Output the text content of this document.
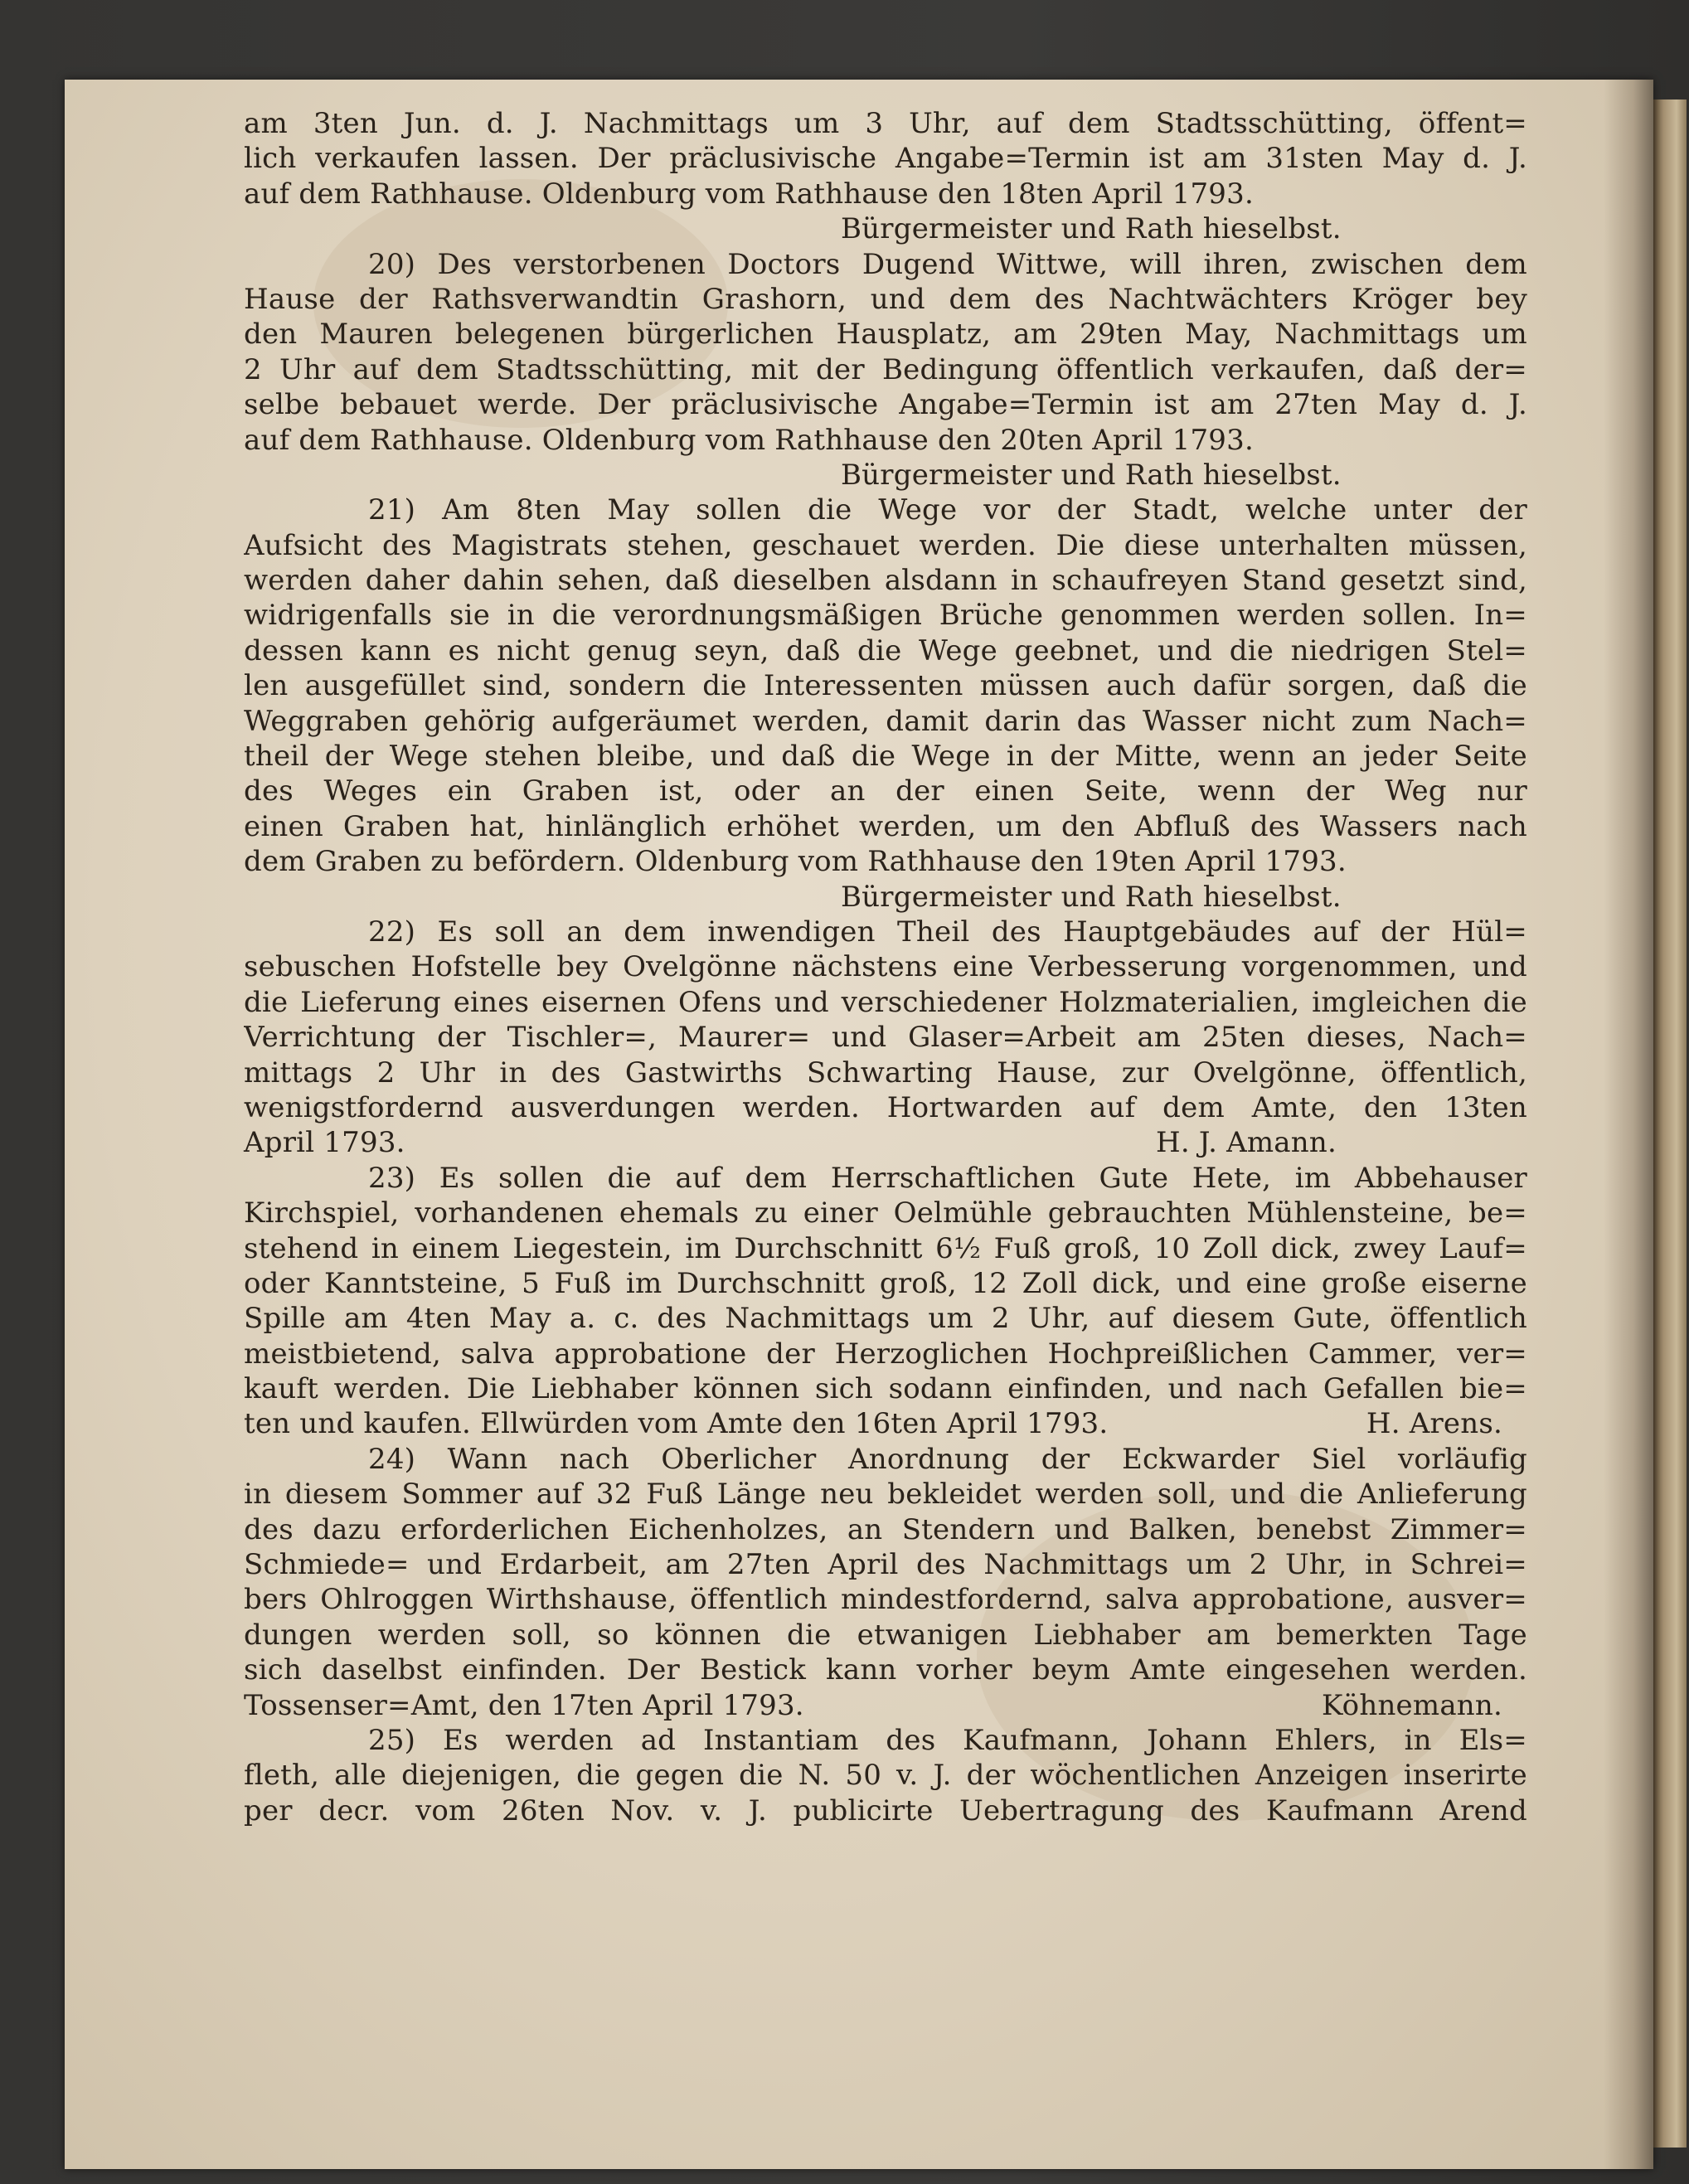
am 3ten Jun. d. J. Nachmittags um 3 Uhr, auf dem Stadtsschütting, öffent=
lich verkaufen lassen. Der präclusivische Angabe=Termin ist am 31sten May d. J.
auf dem Rathhause. Oldenburg vom Rathhause den 18ten April 1793.
Bürgermeister und Rath hieselbst.
20) Des verstorbenen Doctors Dugend Wittwe, will ihren, zwischen dem
Hause der Rathsverwandtin Grashorn, und dem des Nachtwächters Kröger bey
den Mauren belegenen bürgerlichen Hausplatz, am 29ten May, Nachmittags um
2 Uhr auf dem Stadtsschütting, mit der Bedingung öffentlich verkaufen, daß der=
selbe bebauet werde. Der präclusivische Angabe=Termin ist am 27ten May d. J.
auf dem Rathhause. Oldenburg vom Rathhause den 20ten April 1793.
Bürgermeister und Rath hieselbst.
21) Am 8ten May sollen die Wege vor der Stadt, welche unter der
Aufsicht des Magistrats stehen, geschauet werden. Die diese unterhalten müssen,
werden daher dahin sehen, daß dieselben alsdann in schaufreyen Stand gesetzt sind,
widrigenfalls sie in die verordnungsmäßigen Brüche genommen werden sollen. In=
dessen kann es nicht genug seyn, daß die Wege geebnet, und die niedrigen Stel=
len ausgefüllet sind, sondern die Interessenten müssen auch dafür sorgen, daß die
Weggraben gehörig aufgeräumet werden, damit darin das Wasser nicht zum Nach=
theil der Wege stehen bleibe, und daß die Wege in der Mitte, wenn an jeder Seite
des Weges ein Graben ist, oder an der einen Seite, wenn der Weg nur
einen Graben hat, hinlänglich erhöhet werden, um den Abfluß des Wassers nach
dem Graben zu befördern. Oldenburg vom Rathhause den 19ten April 1793.
Bürgermeister und Rath hieselbst.
22) Es soll an dem inwendigen Theil des Hauptgebäudes auf der Hül=
sebuschen Hofstelle bey Ovelgönne nächstens eine Verbesserung vorgenommen, und
die Lieferung eines eisernen Ofens und verschiedener Holzmaterialien, imgleichen die
Verrichtung der Tischler=, Maurer= und Glaser=Arbeit am 25ten dieses, Nach=
mittags 2 Uhr in des Gastwirths Schwarting Hause, zur Ovelgönne, öffentlich,
wenigstfordernd ausverdungen werden. Hortwarden auf dem Amte, den 13ten
April 1793.	H. J. Amann.
23) Es sollen die auf dem Herrschaftlichen Gute Hete, im Abbehauser
Kirchspiel, vorhandenen ehemals zu einer Oelmühle gebrauchten Mühlensteine, be=
stehend in einem Liegestein, im Durchschnitt 6½ Fuß groß, 10 Zoll dick, zwey Lauf=
oder Kanntsteine, 5 Fuß im Durchschnitt groß, 12 Zoll dick, und eine große eiserne
Spille am 4ten May a. c. des Nachmittags um 2 Uhr, auf diesem Gute, öffentlich
meistbietend, salva approbatione der Herzoglichen Hochpreißlichen Cammer, ver=
kauft werden. Die Liebhaber können sich sodann einfinden, und nach Gefallen bie=
ten und kaufen. Ellwürden vom Amte den 16ten April 1793.	H. Arens.
24) Wann nach Oberlicher Anordnung der Eckwarder Siel vorläufig
in diesem Sommer auf 32 Fuß Länge neu bekleidet werden soll, und die Anlieferung
des dazu erforderlichen Eichenholzes, an Stendern und Balken, benebst Zimmer=
Schmiede= und Erdarbeit, am 27ten April des Nachmittags um 2 Uhr, in Schrei=
bers Ohlroggen Wirthshause, öffentlich mindestfordernd, salva approbatione, ausver=
dungen werden soll, so können die etwanigen Liebhaber am bemerkten Tage
sich daselbst einfinden. Der Bestick kann vorher beym Amte eingesehen werden.
Tossenser=Amt, den 17ten April 1793.	Köhnemann.
25) Es werden ad Instantiam des Kaufmann, Johann Ehlers, in Els=
fleth, alle diejenigen, die gegen die N. 50 v. J. der wöchentlichen Anzeigen inserirte
per decr. vom 26ten Nov. v. J. publicirte Uebertragung des Kaufmann Arend
